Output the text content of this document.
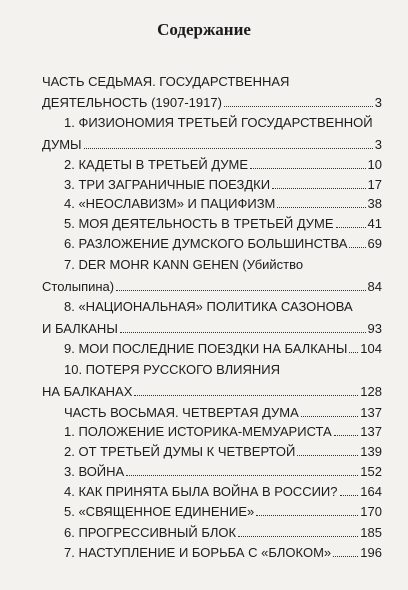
Содержание
ЧАСТЬ СЕДЬМАЯ. ГОСУДАРСТВЕННАЯ
ДЕЯТЕЛЬНОСТЬ (1907-1917)	3
1. ФИЗИОНОМИЯ ТРЕТЬЕЙ ГОСУДАРСТВЕННОЙ
ДУМЫ	3
2. КАДЕТЫ В ТРЕТЬЕЙ ДУМЕ	10
3. ТРИ ЗАГРАНИЧНЫЕ ПОЕЗДКИ	17
4. «НЕОСЛАВИЗМ» И ПАЦИФИЗМ	38
5. МОЯ ДЕЯТЕЛЬНОСТЬ В ТРЕТЬЕЙ ДУМЕ	41
6. РАЗЛОЖЕНИЕ ДУМСКОГО БОЛЬШИНСТВА 69
7. DER MOHR KANN GEHEN (Убийство
Столыпина)	84
8. «НАЦИОНАЛЬНАЯ» ПОЛИТИКА САЗОНОВА
И БАЛКАНЫ	93
9. МОИ ПОСЛЕДНИЕ ПОЕЗДКИ НА БАЛКАНЫ 104
10. ПОТЕРЯ РУССКОГО ВЛИЯНИЯ
НА БАЛКАНАХ	128
ЧАСТЬ ВОСЬМАЯ. ЧЕТВЕРТАЯ ДУМА	137
1. ПОЛОЖЕНИЕ ИСТОРИКА-МЕМУАРИСТА 137
2. ОТ ТРЕТЬЕЙ ДУМЫ К ЧЕТВЕРТОЙ	139
3. ВОЙНА	152
4. КАК ПРИНЯТА БЫЛА ВОЙНА В РОССИИ? 164
5. «СВЯЩЕННОЕ ЕДИНЕНИЕ»	170
6. ПРОГРЕССИВНЫЙ БЛОК	185
7. НАСТУПЛЕНИЕ И БОРЬБА С «БЛОКОМ» 196
